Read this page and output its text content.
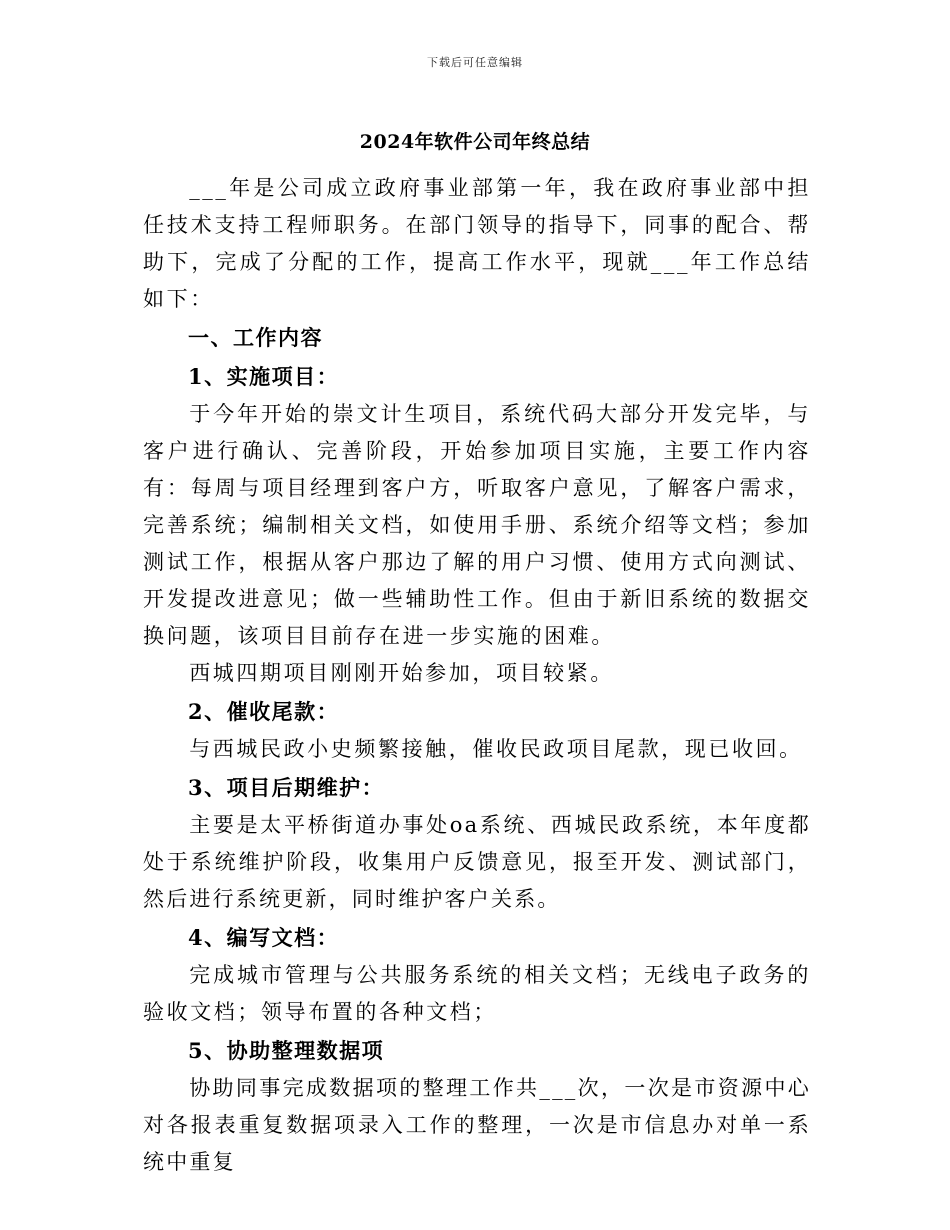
下载后可任意编辑
2024年软件公司年终总结

___年是公司成立政府事业部第一年，我在政府事业部中担任技术支持工程师职务。在部门领导的指导下，同事的配合、帮助下，完成了分配的工作，提高工作水平，现就___年工作总结如下：

一、工作内容

1、实施项目：

于今年开始的崇文计生项目，系统代码大部分开发完毕，与客户进行确认、完善阶段，开始参加项目实施，主要工作内容有：每周与项目经理到客户方，听取客户意见，了解客户需求，完善系统；编制相关文档，如使用手册、系统介绍等文档；参加测试工作，根据从客户那边了解的用户习惯、使用方式向测试、开发提改进意见；做一些辅助性工作。但由于新旧系统的数据交换问题，该项目目前存在进一步实施的困难。

西城四期项目刚刚开始参加，项目较紧。

2、催收尾款：

与西城民政小史频繁接触，催收民政项目尾款，现已收回。

3、项目后期维护：

主要是太平桥街道办事处oa系统、西城民政系统，本年度都处于系统维护阶段，收集用户反馈意见，报至开发、测试部门，然后进行系统更新，同时维护客户关系。

4、编写文档：

完成城市管理与公共服务系统的相关文档；无线电子政务的验收文档；领导布置的各种文档；

5、协助整理数据项

协助同事完成数据项的整理工作共___次，一次是市资源中心对各报表重复数据项录入工作的整理，一次是市信息办对单一系统中重复
